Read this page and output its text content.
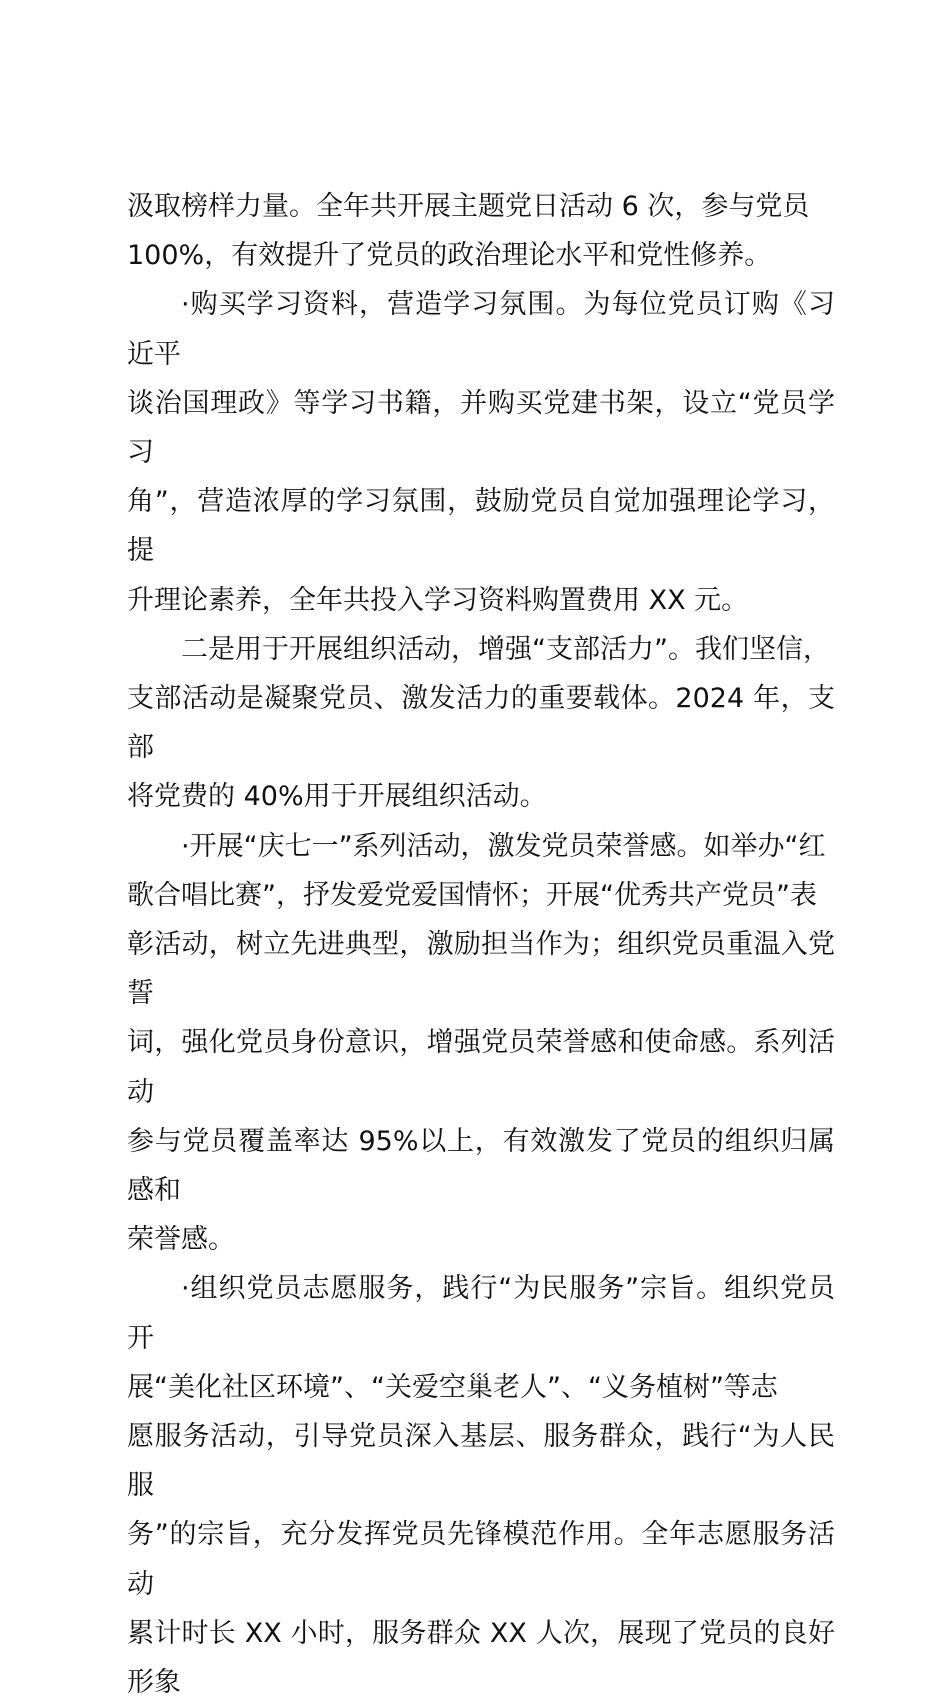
汲取榜样力量。全年共开展主题党日活动 6 次，参与党员

100%，有效提升了党员的政治理论水平和党性修养。

·购买学习资料，营造学习氛围。为每位党员订购《习近平

谈治国理政》等学习书籍，并购买党建书架，设立“党员学习

角”，营造浓厚的学习氛围，鼓励党员自觉加强理论学习，提

升理论素养，全年共投入学习资料购置费用 XX 元。

二是用于开展组织活动，增强“支部活力”。我们坚信，

支部活动是凝聚党员、激发活力的重要载体。2024 年，支部

将党费的 40%用于开展组织活动。

·开展“庆七一”系列活动，激发党员荣誉感。如举办“红

歌合唱比赛”，抒发爱党爱国情怀；开展“优秀共产党员”表

彰活动，树立先进典型，激励担当作为；组织党员重温入党誓

词，强化党员身份意识，增强党员荣誉感和使命感。系列活动

参与党员覆盖率达 95%以上，有效激发了党员的组织归属感和

荣誉感。

·组织党员志愿服务，践行“为民服务”宗旨。组织党员开

展“美化社区环境”、“关爱空巢老人”、“义务植树”等志

愿服务活动，引导党员深入基层、服务群众，践行“为人民服

务”的宗旨，充分发挥党员先锋模范作用。全年志愿服务活动

累计时长 XX 小时，服务群众 XX 人次，展现了党员的良好形象
